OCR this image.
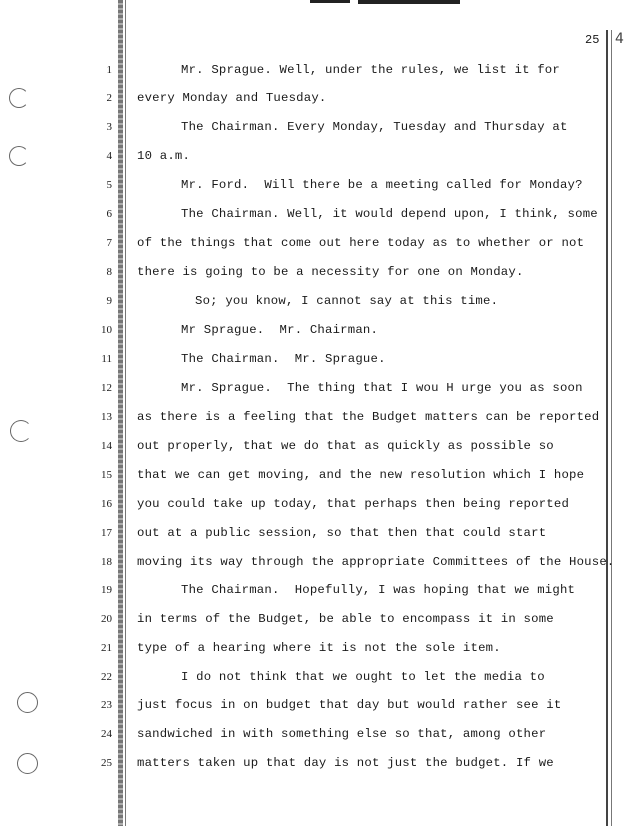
25 4
1
2
3
4
5
6
7
8
9
10
11
12
13
14
15
16
17
18
19
20
21
22
23
24
25
Mr. Sprague. Well, under the rules, we list it for
every Monday and Tuesday.
The Chairman. Every Monday, Tuesday and Thursday at
10 a.m.
Mr. Ford.  Will there be a meeting called for Monday?
The Chairman. Well, it would depend upon, I think, some
of the things that come out here today as to whether or not
there is going to be a necessity for one on Monday.
So; you know, I cannot say at this time.
Mr Sprague.  Mr. Chairman.
The Chairman.  Mr. Sprague.
Mr. Sprague.  The thing that I wou H urge you as soon
as there is a feeling that the Budget matters can be reported
out properly, that we do that as quickly as possible so
that we can get moving, and the new resolution which I hope
you could take up today, that perhaps then being reported
out at a public session, so that then that could start
moving its way through the appropriate Committees of the House.
The Chairman.  Hopefully, I was hoping that we might
in terms of the Budget, be able to encompass it in some
type of a hearing where it is not the sole item.
I do not think that we ought to let the media to
just focus in on budget that day but would rather see it
sandwiched in with something else so that, among other
matters taken up that day is not just the budget. If we
